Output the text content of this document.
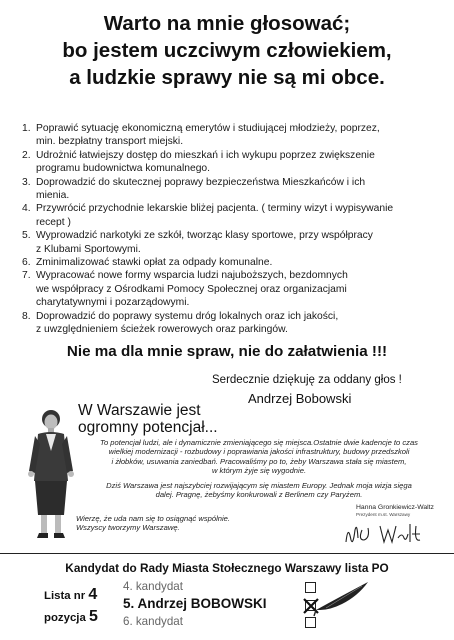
Warto na mnie głosować;
bo jestem uczciwym człowiekiem,
a ludzkie sprawy nie są mi obce.
1. Poprawić sytuację ekonomiczną emerytów i studiującej młodzieży, poprzez,
min. bezpłatny transport miejski.
2. Udrożnić łatwiejszy dostęp do mieszkań i ich wykupu poprzez zwiększenie
programu budownictwa komunalnego.
3. Doprowadzić do skutecznej poprawy bezpieczeństwa Mieszkańców i ich
mienia.
4. Przywrócić przychodnie lekarskie bliżej pacjenta. ( terminy wizyt i wypisywanie
recept )
5. Wyprowadzić narkotyki ze szkół, tworząc klasy sportowe, przy współpracy
z Klubami Sportowymi.
6. Zminimalizować stawki opłat za odpady komunalne.
7. Wypracować nowe formy wsparcia ludzi najuboższych, bezdomnych
we współpracy z Ośrodkami Pomocy Społecznej oraz organizacjami
charytatywnymi i pozarządowymi.
8. Doprowadzić do poprawy systemu dróg lokalnych oraz ich jakości,
z uwzględnieniem ścieżek rowerowych oraz parkingów.
Nie ma dla mnie spraw, nie do załatwienia !!!
Serdecznie dziękuję za oddany głos !
Andrzej Bobowski
W Warszawie jest
ogromny potencjał...

To potencjał ludzi, ale i dynamicznie zmieniającego się miejsca.Ostatnie dwie kadencje to czas
wielkiej modernizacji - rozbudowy i poprawiania jakości infrastruktury, budowy przedszkoli
i żłobków, usuwania zaniedbań. Pracowaliśmy po to, żeby Warszawa stała się miastem,
w którym żyje się wygodnie.

Dziś Warszawa jest najszybciej rozwijającym się miastem Europy. Jednak moja wizja sięga
dalej. Pragnę, żebyśmy konkurowali z Berlinem czy Paryżem.

Wierzę, że uda nam się to osiągnąć wspólnie.
Wszyscy tworzymy Warszawę.
Hanna Gronkiewicz-Waltz
Prezydent m.st. Warszawy
Kandydat do Rady Miasta Stołecznego Warszawy lista PO
Lista nr 4
pozycja 5
4. kandydat
5. Andrzej BOBOWSKI
6. kandydat
